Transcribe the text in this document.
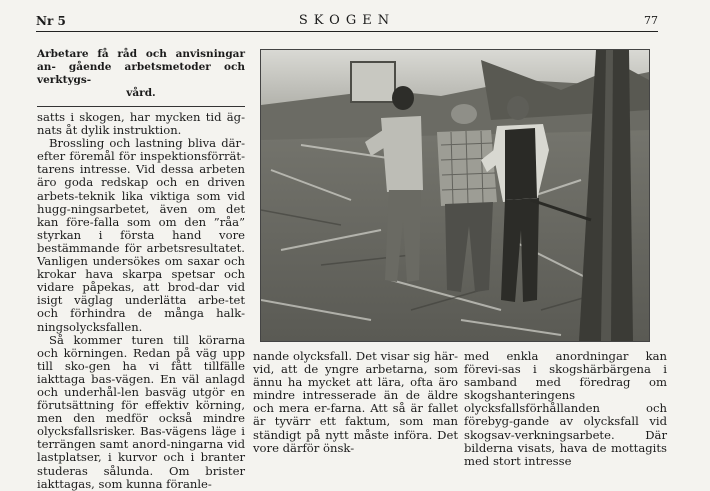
Nr 5	SKOGEN	77
Arbetare få råd och anvisningar an- gående arbetsmetoder och verktygs-
vård.

satts i skogen, har mycken tid äg-nats åt dylik instruktion.

Brossling och lastning bliva där-efter föremål för inspektionsförrät-tarens intresse. Vid dessa arbeten äro goda redskap och en driven arbets-teknik lika viktiga som vid hugg-ningsarbetet, även om det kan före-falla som om den ”råa” styrkan i första hand vore bestämmande för arbetsresultatet. Vanligen undersökes om saxar och krokar hava skarpa spetsar och vidare påpekas, att brod-dar vid isigt väglag underlätta arbe-tet och förhindra de många halk-ningsolycksfallen.

Så kommer turen till körarna och körningen. Redan på väg upp till sko-gen ha vi fått tillfälle iakttaga bas-vägen. En väl anlagd och underhål-len basväg utgör en förutsättning för effektiv körning, men den medför också mindre olycksfallsrisker. Bas-vägens läge i terrängen samt anord-ningarna vid lastplatser, i kurvor och i branter studeras sålunda. Om brister iakttagas, som kunna föranle-

nande olycksfall. Det visar sig här-vid, att de yngre arbetarna, som ännu ha mycket att lära, ofta äro mindre intresserade än de äldre och mera er-farna. Att så är fallet är tyvärr ett faktum, som man ständigt på nytt måste införa. Det vore därför önsk-
med enkla anordningar kan förevi-sas i skogshärbärgena i samband med föredrag om skogshanteringens olycksfallsförhållanden och förebyg-gande av olycksfall vid skogsav-verkningsarbete. Där bilderna visats, hava de mottagits med stort intresse
